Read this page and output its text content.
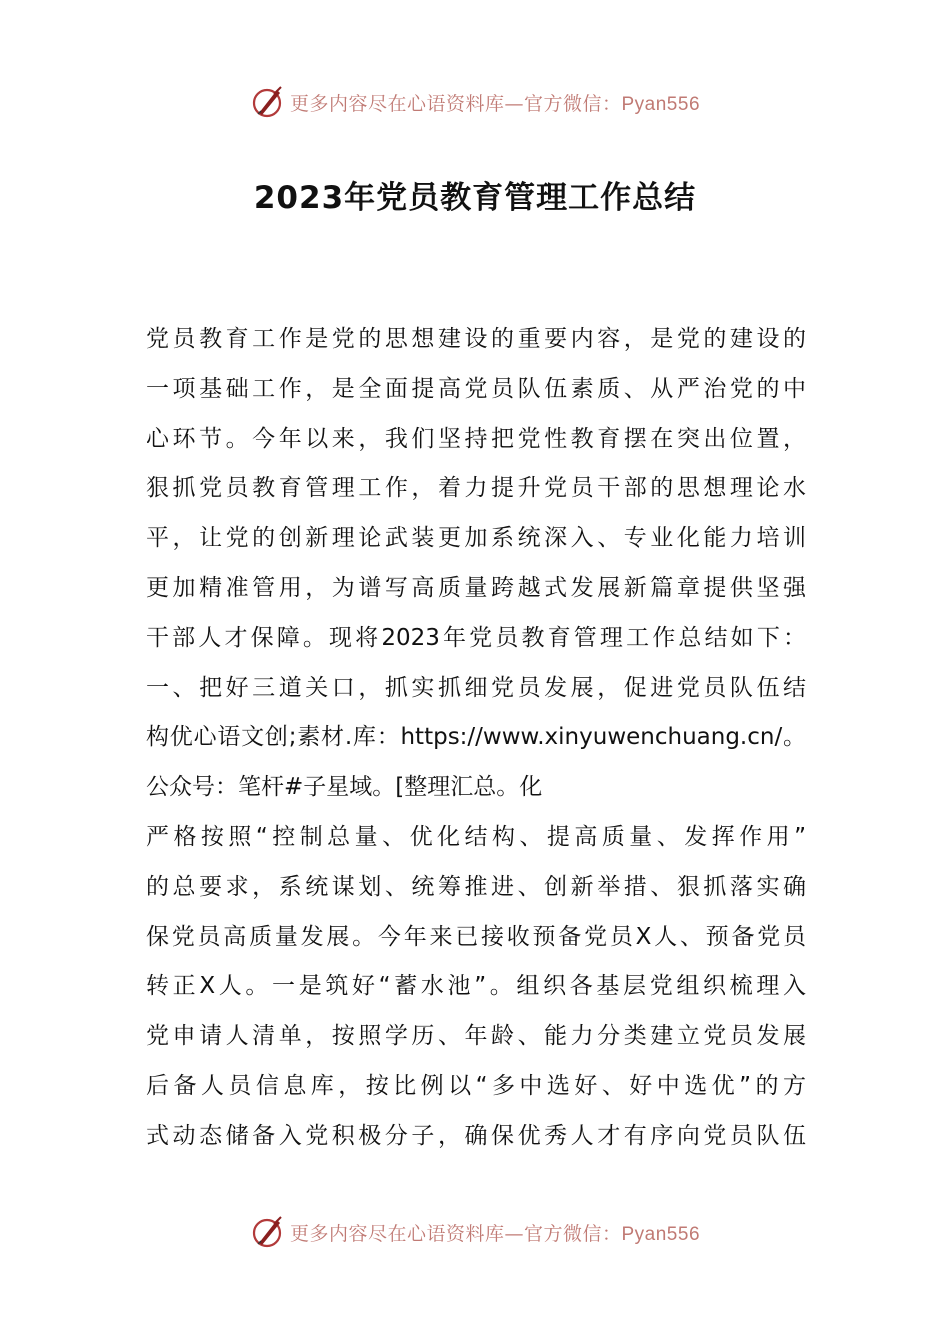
更多内容尽在心语资料库—官方微信：Pyan556
2023年党员教育管理工作总结
党员教育工作是党的思想建设的重要内容，是党的建设的
一项基础工作，是全面提高党员队伍素质、从严治党的中
心环节。今年以来，我们坚持把党性教育摆在突出位置，
狠抓党员教育管理工作，着力提升党员干部的思想理论水
平，让党的创新理论武装更加系统深入、专业化能力培训
更加精准管用，为谱写高质量跨越式发展新篇章提供坚强
干部人才保障。现将2023年党员教育管理工作总结如下：
一、把好三道关口，抓实抓细党员发展，促进党员队伍结
构优心语文创;素材.库：https://www.xinyuwenchuang.cn/。
公众号：笔杆#子星域。[整理汇总。化
严格按照“控制总量、优化结构、提高质量、发挥作用”
的总要求，系统谋划、统筹推进、创新举措、狠抓落实确
保党员高质量发展。今年来已接收预备党员X人、预备党员
转正X人。一是筑好“蓄水池”。组织各基层党组织梳理入
党申请人清单，按照学历、年龄、能力分类建立党员发展
后备人员信息库，按比例以“多中选好、好中选优”的方
式动态储备入党积极分子，确保优秀人才有序向党员队伍
更多内容尽在心语资料库—官方微信：Pyan556
